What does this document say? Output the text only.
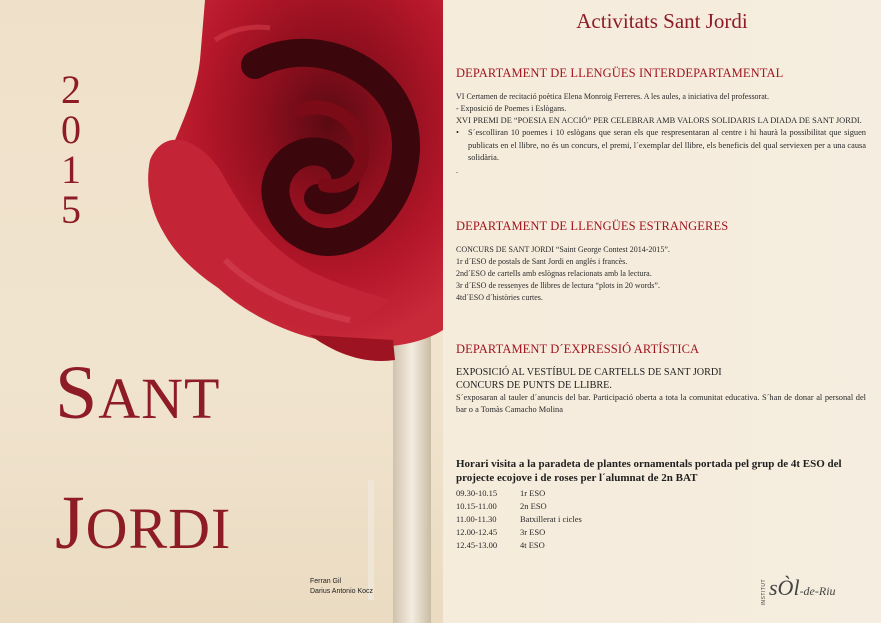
2
0
1
5
SANT
JORDI
Ferran Gil
Darius Antonio Kocz
Activitats Sant Jordi
DEPARTAMENT DE LLENGÜES INTERDEPARTAMENTAL
VI Certamen de recitació poètica Elena Monroig Ferreres. A les aules, a iniciativa del professorat.
- Exposició de Poemes i Eslògans.
XVI PREMI DE “POESIA EN ACCIÓ” PER CELEBRAR AMB VALORS SOLIDARIS LA DIADA DE SANT JORDI.
•	S´escolliran 10 poemes i 10 eslògans que seran els que respresentaran al centre i hi haurà la possibilitat que siguen publicats en el llibre, no és un concurs, el premi, l´exemplar del llibre, els beneficis del qual serviexen per a una causa solidària.
.
DEPARTAMENT DE LLENGÜES ESTRANGERES
CONCURS DE SANT JORDI “Saint George Contest 2014-2015”.
1r d´ESO de postals de Sant Jordi en anglès i francès.
2nd´ESO de cartells amb eslògnas relacionats amb la lectura.
3r d´ESO de ressenyes de llibres de lectura “plots in 20 words”.
4td´ESO d´històries curtes.
DEPARTAMENT D´EXPRESSIÓ ARTÍSTICA
EXPOSICIÓ AL VESTÍBUL DE CARTELLS DE SANT JORDI
CONCURS DE PUNTS DE LLIBRE.
S´exposaran al tauler d´anuncis del bar. Participació oberta a tota la comunitat educativa. S´han de donar al personal del bar o a Tomàs Camacho Molina
Horari visita a la paradeta de plantes ornamentals portada pel grup de 4t ESO del projecte ecojove i de roses per l´alumnat de 2n BAT
09.30-10.15	1r ESO
10.15-11.00	2n ESO
11.00-11.30	Batxillerat i cicles
12.00-12.45	3r ESO
12.45-13.00	4t ESO
INSTITUT sÒl-de-Riu
